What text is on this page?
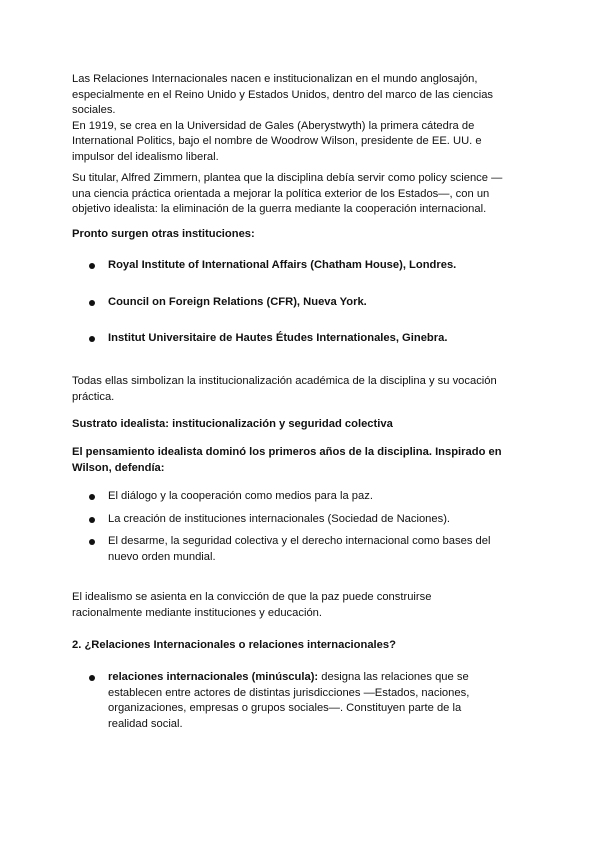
Las Relaciones Internacionales nacen e institucionalizan en el mundo anglosajón, especialmente en el Reino Unido y Estados Unidos, dentro del marco de las ciencias sociales.

En 1919, se crea en la Universidad de Gales (Aberystwyth) la primera cátedra de International Politics, bajo el nombre de Woodrow Wilson, presidente de EE. UU. e impulsor del idealismo liberal.

Su titular, Alfred Zimmern, plantea que la disciplina debía servir como policy science —una ciencia práctica orientada a mejorar la política exterior de los Estados—, con un objetivo idealista: la eliminación de la guerra mediante la cooperación internacional.

Pronto surgen otras instituciones:

Royal Institute of International Affairs (Chatham House), Londres.
Council on Foreign Relations (CFR), Nueva York.
Institut Universitaire de Hautes Études Internationales, Ginebra.

Todas ellas simbolizan la institucionalización académica de la disciplina y su vocación práctica.

Sustrato idealista: institucionalización y seguridad colectiva

El pensamiento idealista dominó los primeros años de la disciplina. Inspirado en Wilson, defendía:

El diálogo y la cooperación como medios para la paz.
La creación de instituciones internacionales (Sociedad de Naciones).
El desarme, la seguridad colectiva y el derecho internacional como bases del nuevo orden mundial.

El idealismo se asienta en la convicción de que la paz puede construirse racionalmente mediante instituciones y educación.

2. ¿Relaciones Internacionales o relaciones internacionales?

relaciones internacionales (minúscula): designa las relaciones que se establecen entre actores de distintas jurisdicciones —Estados, naciones, organizaciones, empresas o grupos sociales—. Constituyen parte de la realidad social.
